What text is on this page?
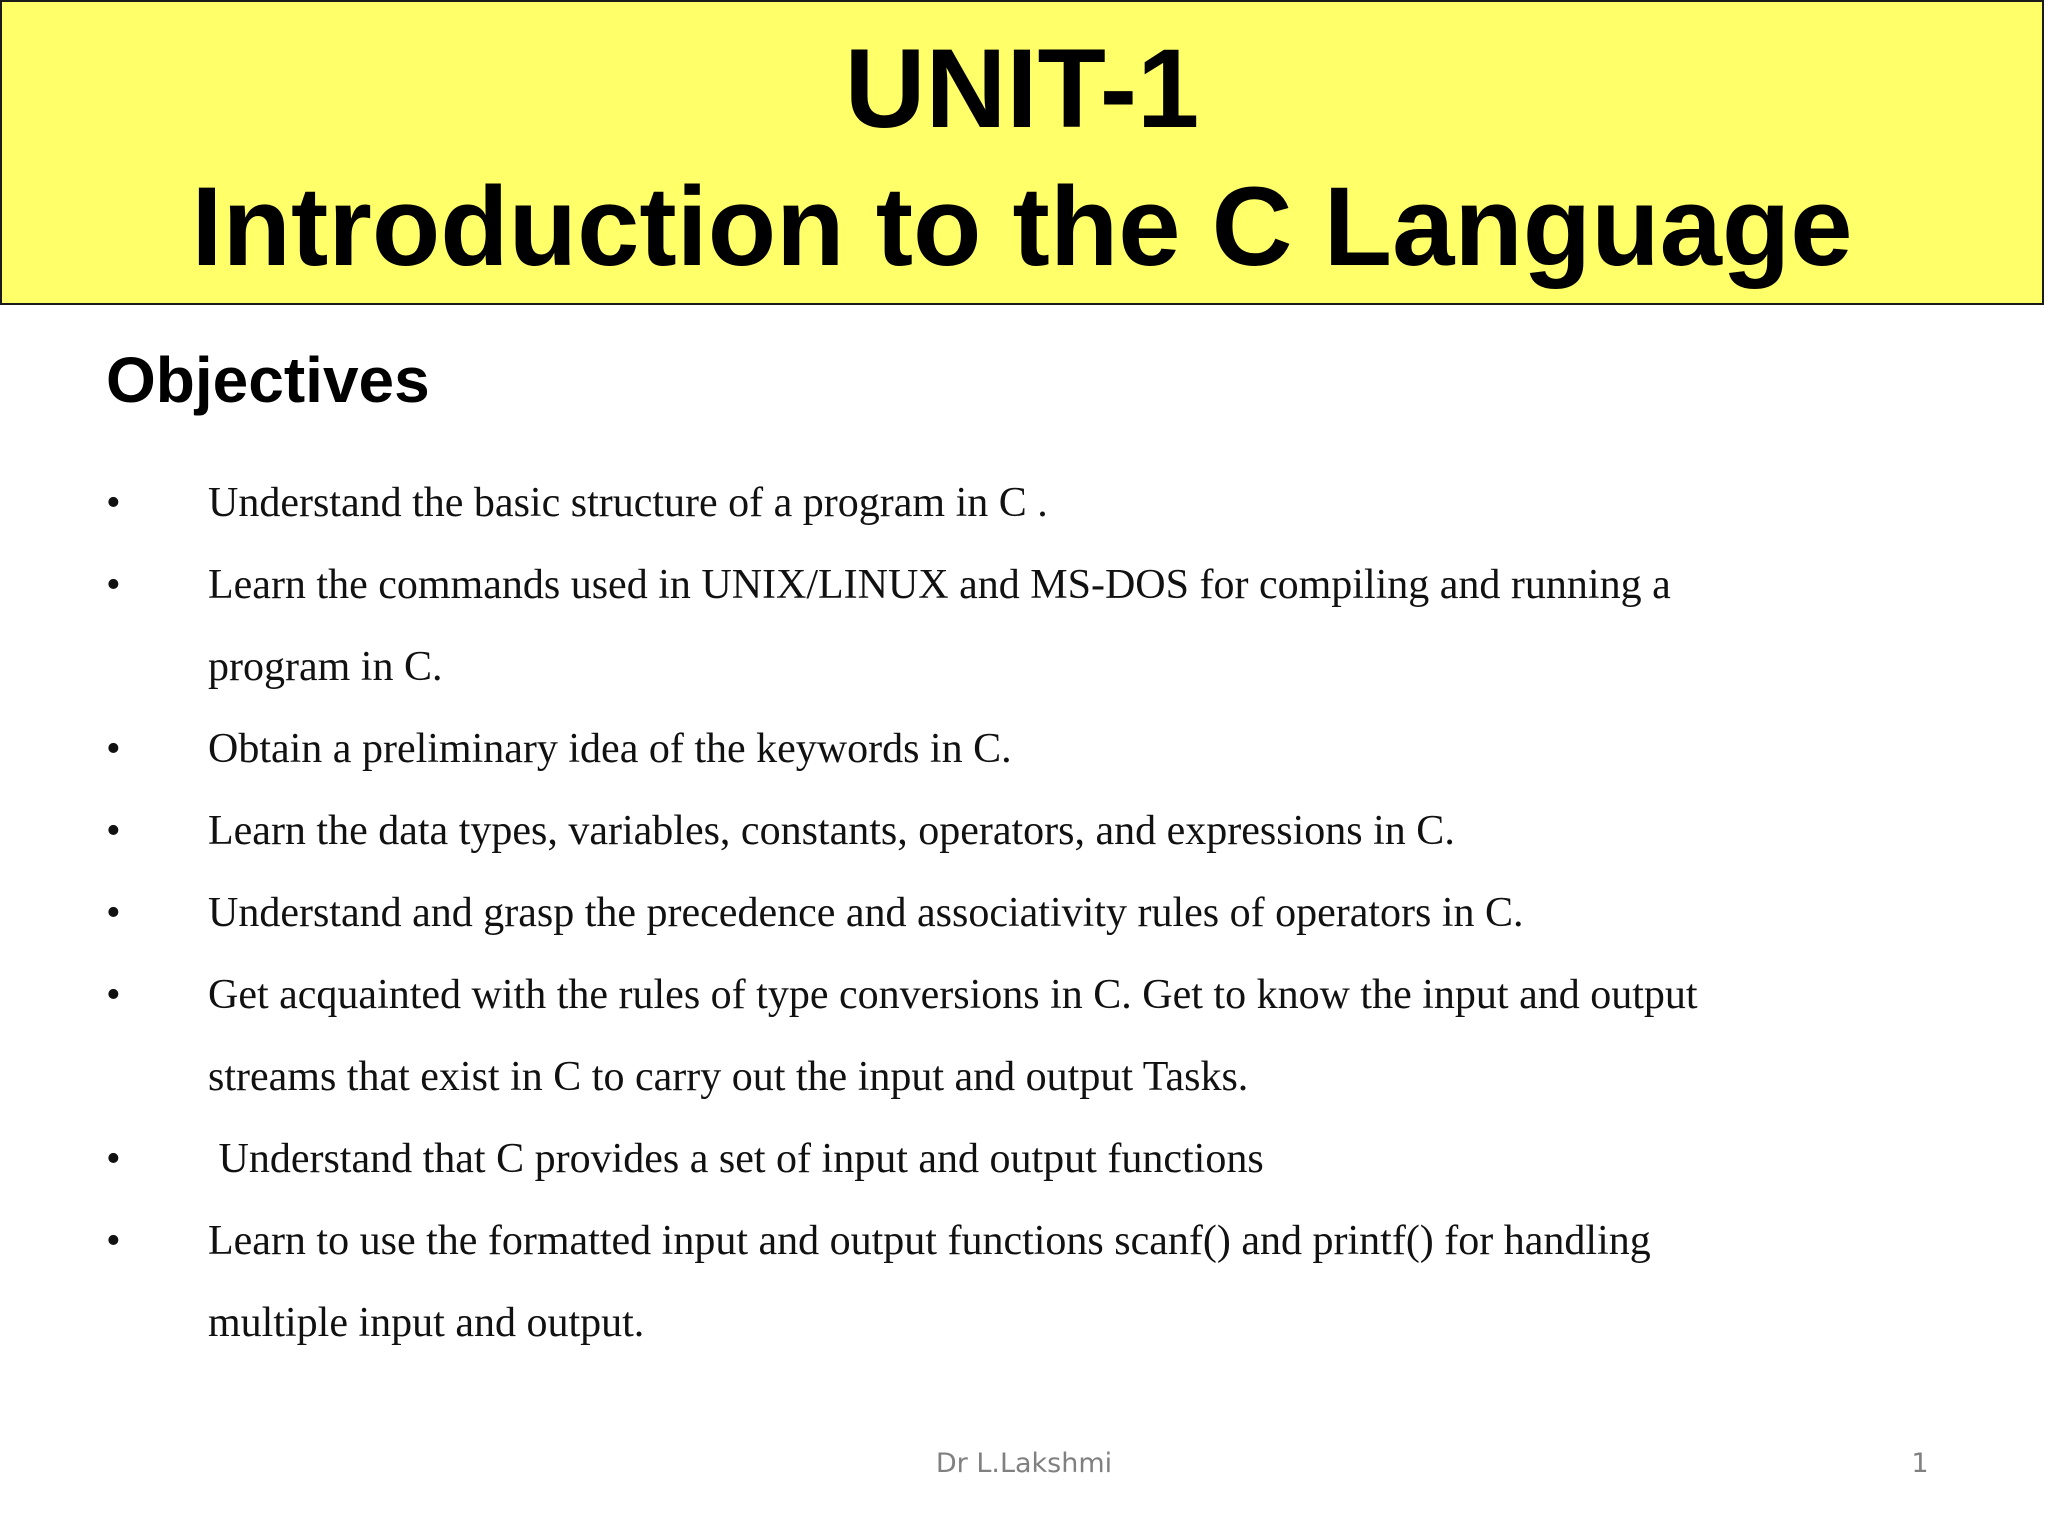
UNIT-1
Introduction to the C Language
Objectives
• Understand the basic structure of a program in C .
• Learn the commands used in UNIX/LINUX and MS-DOS for compiling and running a
program in C.
• Obtain a preliminary idea of the keywords in C.
• Learn the data types, variables, constants, operators, and expressions in C.
• Understand and grasp the precedence and associativity rules of operators in C.
• Get acquainted with the rules of type conversions in C. Get to know the input and output
streams that exist in C to carry out the input and output Tasks.
• Understand that C provides a set of input and output functions
• Learn to use the formatted input and output functions scanf() and printf() for handling
multiple input and output.
Dr L.Lakshmi	1
